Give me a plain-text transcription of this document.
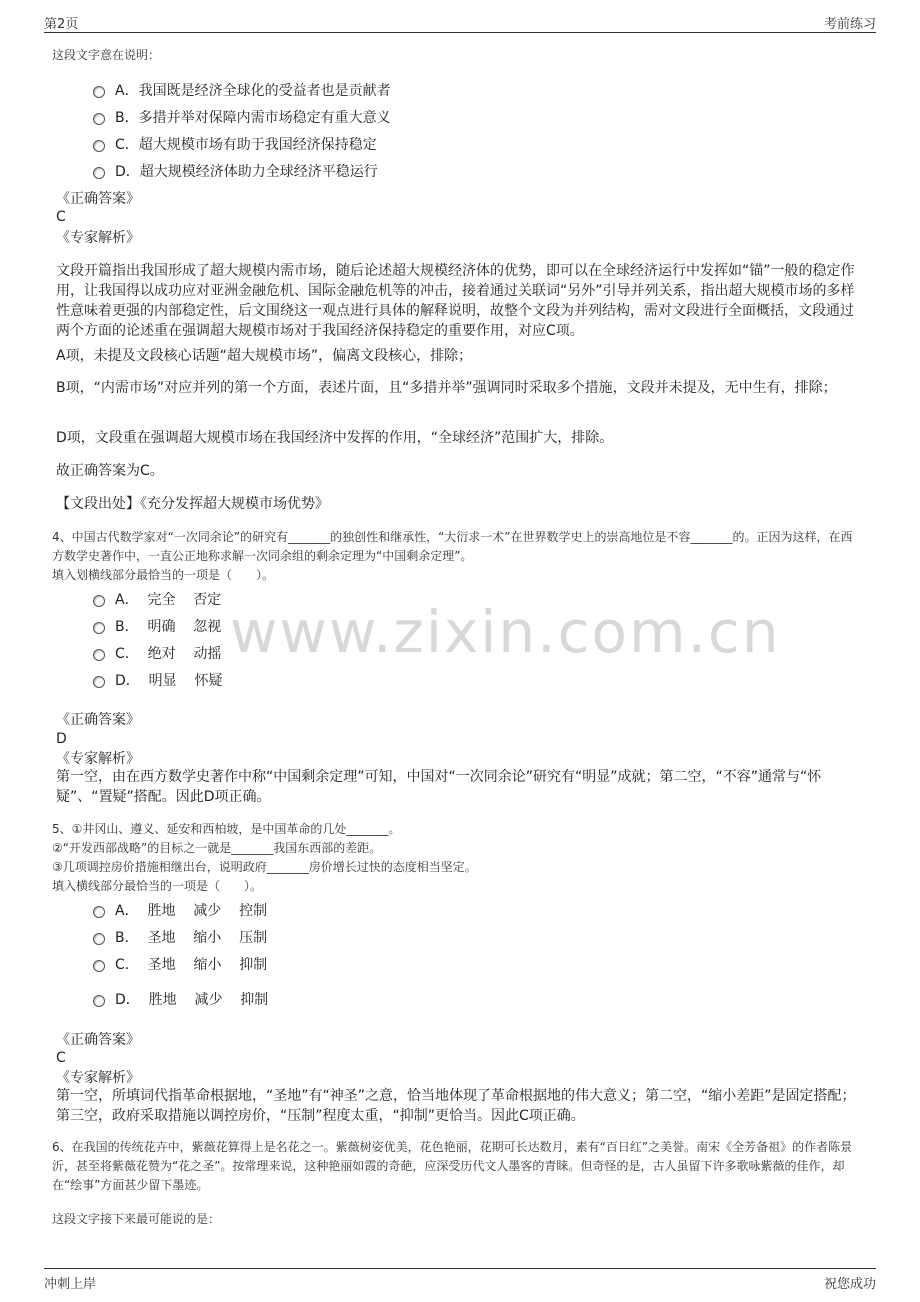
第2页	考前练习
www.zixin.com.cn
这段文字意在说明：
A．我国既是经济全球化的受益者也是贡献者
B．多措并举对保障内需市场稳定有重大意义
C．超大规模市场有助于我国经济保持稳定
D．超大规模经济体助力全球经济平稳运行
《正确答案》
C
《专家解析》
文段开篇指出我国形成了超大规模内需市场，随后论述超大规模经济体的优势，即可以在全球经济运行中发挥如“锚”一般的稳定作用，让我国得以成功应对亚洲金融危机、国际金融危机等的冲击，接着通过关联词“另外”引导并列关系，指出超大规模市场的多样性意味着更强的内部稳定性，后文围绕这一观点进行具体的解释说明，故整个文段为并列结构，需对文段进行全面概括，文段通过两个方面的论述重在强调超大规模市场对于我国经济保持稳定的重要作用，对应C项。
A项，未提及文段核心话题“超大规模市场”，偏离文段核心，排除；
B项，“内需市场”对应并列的第一个方面，表述片面，且“多措并举”强调同时采取多个措施，文段并未提及，无中生有，排除；
D项，文段重在强调超大规模市场在我国经济中发挥的作用，“全球经济”范围扩大，排除。
故正确答案为C。
【文段出处】《充分发挥超大规模市场优势》
4、中国古代数学家对“一次同余论”的研究有_______的独创性和继承性，“大衍求一术”在世界数学史上的崇高地位是不容_______的。正因为这样，在西方数学史著作中，一直公正地称求解一次同余组的剩余定理为“中国剩余定理”。
填入划横线部分最恰当的一项是（　　）。
A．  完全    否定
B．  明确    忽视
C．  绝对    动摇
D．  明显    怀疑
《正确答案》
D
《专家解析》
第一空，由在西方数学史著作中称“中国剩余定理”可知，中国对“一次同余论”研究有“明显”成就；第二空，“不容”通常与“怀疑”、“置疑”搭配。因此D项正确。
5、①井冈山、遵义、延安和西柏坡，是中国革命的几处_______。
②“开发西部战略”的目标之一就是_______我国东西部的差距。
③几项调控房价措施相继出台，说明政府_______房价增长过快的态度相当坚定。
填入横线部分最恰当的一项是（　　）。
A．  胜地    减少    控制
B．  圣地    缩小    压制
C．  圣地    缩小    抑制
D．  胜地    减少    抑制
《正确答案》
C
《专家解析》
第一空，所填词代指革命根据地，“圣地”有“神圣”之意，恰当地体现了革命根据地的伟大意义；第二空，“缩小差距”是固定搭配；第三空，政府采取措施以调控房价，“压制”程度太重，“抑制”更恰当。因此C项正确。
6、在我国的传统花卉中，紫薇花算得上是名花之一。紫薇树姿优美，花色艳丽，花期可长达数月，素有“百日红”之美誉。南宋《全芳备祖》的作者陈景沂，甚至将紫薇花赞为“花之圣”。按常理来说，这种艳丽如霞的奇葩，应深受历代文人墨客的青睐。但奇怪的是，古人虽留下许多歌咏紫薇的佳作，却在“绘事”方面甚少留下墨迹。
这段文字接下来最可能说的是：
冲刺上岸	祝您成功
